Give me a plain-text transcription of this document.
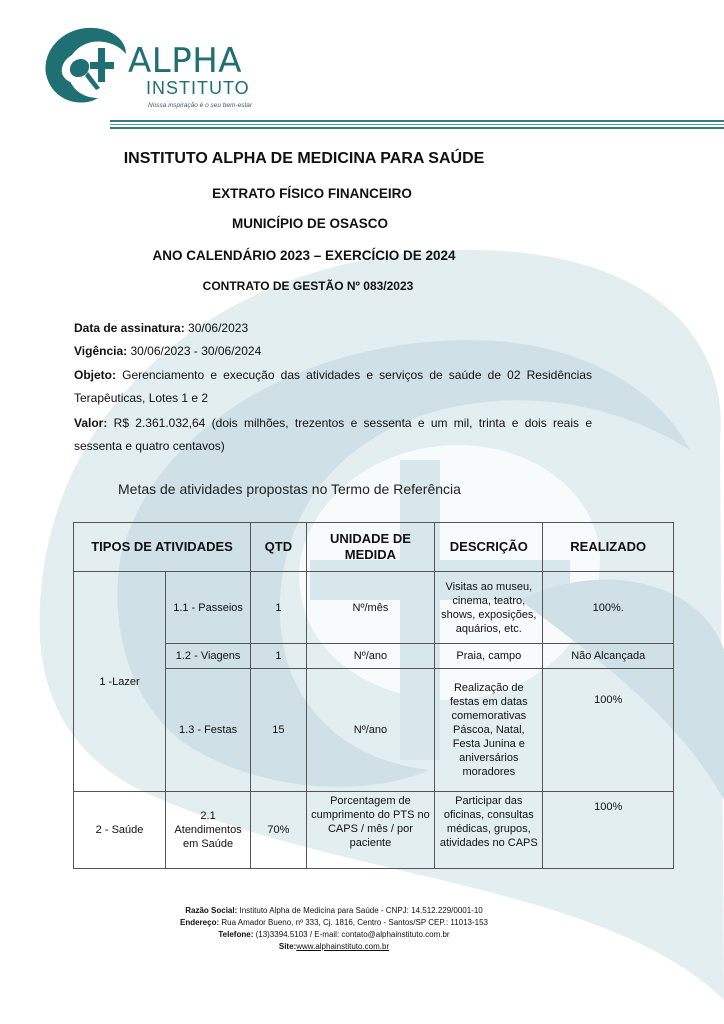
ALPHA
INSTITUTO
Nossa inspiração é o seu bem-estar
INSTITUTO ALPHA DE MEDICINA PARA SAÚDE
EXTRATO FÍSICO FINANCEIRO
MUNICÍPIO DE OSASCO
ANO CALENDÁRIO 2023 – EXERCÍCIO DE 2024
CONTRATO DE GESTÃO Nº 083/2023
Data de assinatura: 30/06/2023
Vigência: 30/06/2023 - 30/06/2024
Objeto: Gerenciamento e execução das atividades e serviços de saúde de 02 Residências Terapêuticas, Lotes 1 e 2
Valor: R$ 2.361.032,64 (dois milhões, trezentos e sessenta e um mil, trinta e dois reais e sessenta e quatro centavos)
Metas de atividades propostas no Termo de Referência
TIPOS DE ATIVIDADES		QTD	UNIDADE DE MEDIDA	DESCRIÇÃO	REALIZADO
1 -Lazer	1.1 - Passeios	1	Nº/mês	Visitas ao museu, cinema, teatro, shows, exposições, aquários, etc.	100%.
	1.2 - Viagens	1	Nº/ano	Praia, campo	Não Alcançada
	1.3 - Festas	15	Nº/ano	Realização de festas em datas comemorativas Páscoa, Natal, Festa Junina e aniversários moradores	100%
2 - Saúde	2.1 Atendimentos em Saúde	70%	Porcentagem de cumprimento do PTS no CAPS / mês / por paciente	Participar das oficinas, consultas médicas, grupos, atividades no CAPS	100%
Razão Social: Instituto Alpha de Medicina para Saúde - CNPJ: 14.512.229/0001-10
Endereço: Rua Amador Bueno, nº 333, Cj. 1816, Centro - Santos/SP CEP.: 11013-153
Telefone: (13)3394.5103 / E-mail: contato@alphainstituto.com.br
Site:www.alphainstituto.com.br
